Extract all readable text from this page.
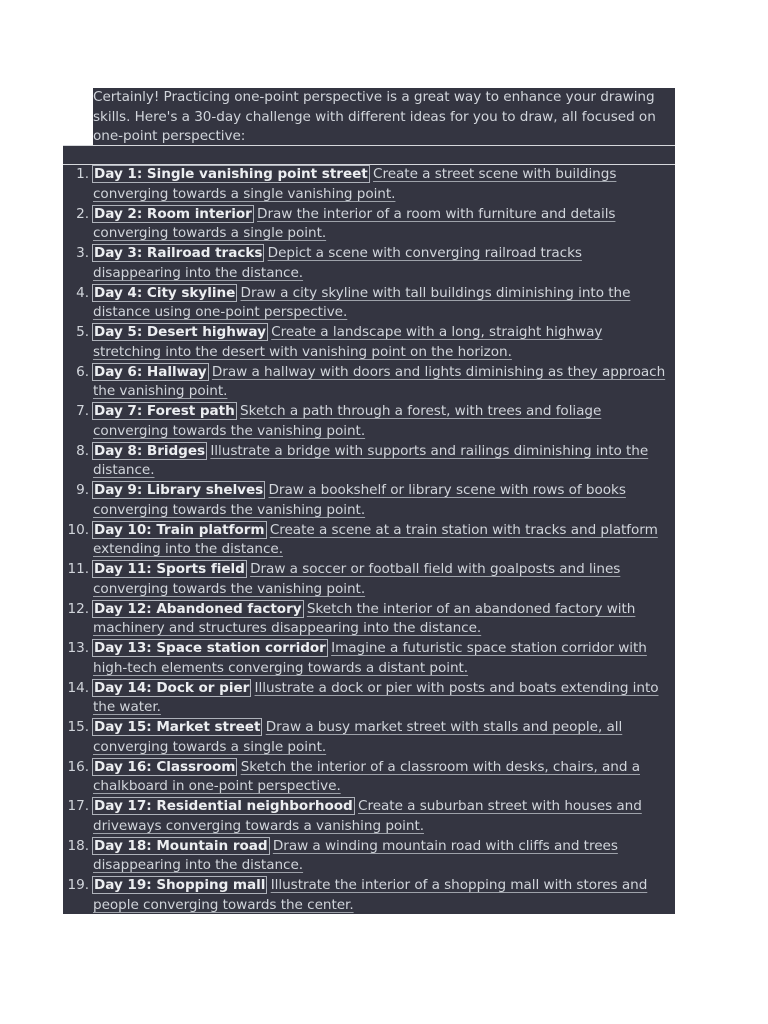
Certainly! Practicing one-point perspective is a great way to enhance your drawing skills. Here's a 30-day challenge with different ideas for you to draw, all focused on one-point perspective:

1. Day 1: Single vanishing point street Create a street scene with buildings converging towards a single vanishing point.
2. Day 2: Room interior Draw the interior of a room with furniture and details converging towards a single point.
3. Day 3: Railroad tracks Depict a scene with converging railroad tracks disappearing into the distance.
4. Day 4: City skyline Draw a city skyline with tall buildings diminishing into the distance using one-point perspective.
5. Day 5: Desert highway Create a landscape with a long, straight highway stretching into the desert with vanishing point on the horizon.
6. Day 6: Hallway Draw a hallway with doors and lights diminishing as they approach the vanishing point.
7. Day 7: Forest path Sketch a path through a forest, with trees and foliage converging towards the vanishing point.
8. Day 8: Bridges Illustrate a bridge with supports and railings diminishing into the distance.
9. Day 9: Library shelves Draw a bookshelf or library scene with rows of books converging towards the vanishing point.
10. Day 10: Train platform Create a scene at a train station with tracks and platform extending into the distance.
11. Day 11: Sports field Draw a soccer or football field with goalposts and lines converging towards the vanishing point.
12. Day 12: Abandoned factory Sketch the interior of an abandoned factory with machinery and structures disappearing into the distance.
13. Day 13: Space station corridor Imagine a futuristic space station corridor with high-tech elements converging towards a distant point.
14. Day 14: Dock or pier Illustrate a dock or pier with posts and boats extending into the water.
15. Day 15: Market street Draw a busy market street with stalls and people, all converging towards a single point.
16. Day 16: Classroom Sketch the interior of a classroom with desks, chairs, and a chalkboard in one-point perspective.
17. Day 17: Residential neighborhood Create a suburban street with houses and driveways converging towards a vanishing point.
18. Day 18: Mountain road Draw a winding mountain road with cliffs and trees disappearing into the distance.
19. Day 19: Shopping mall Illustrate the interior of a shopping mall with stores and people converging towards the center.
